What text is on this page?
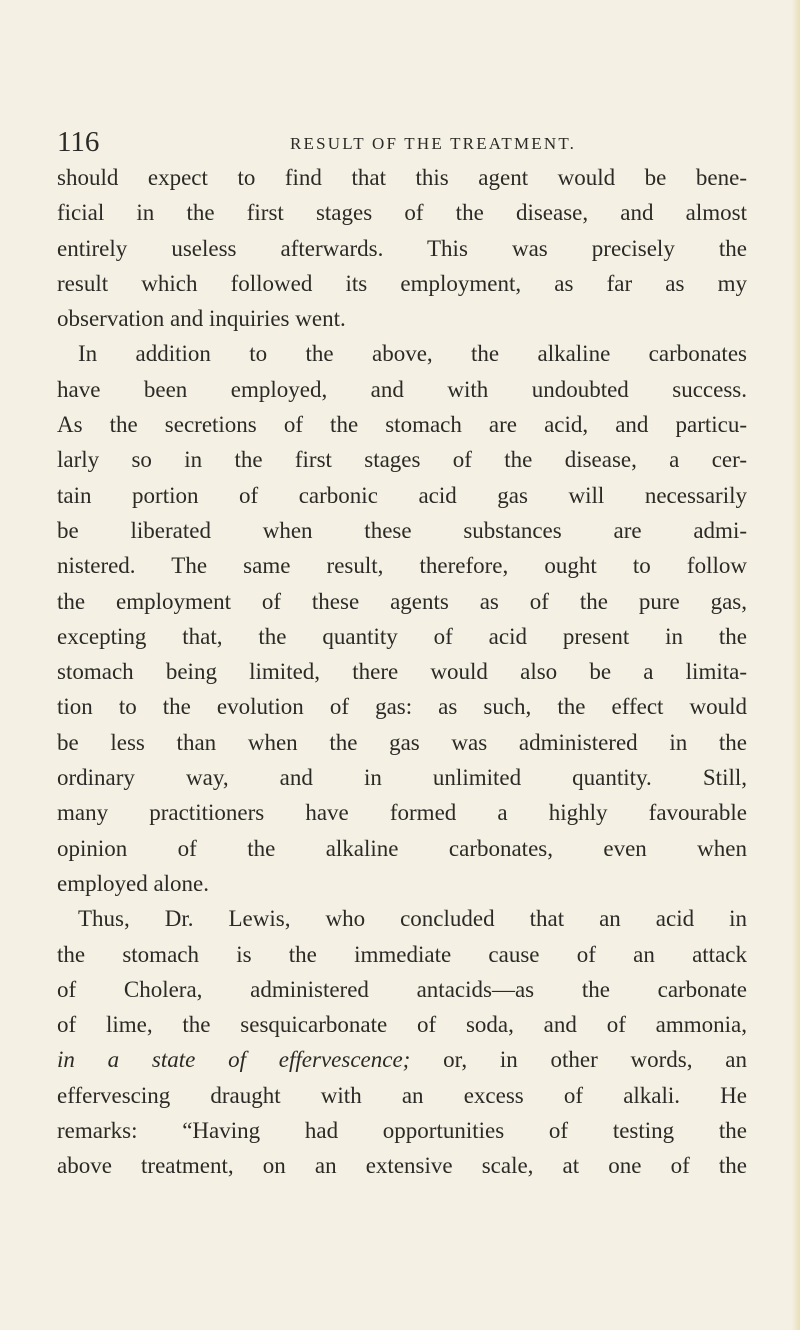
116	RESULT OF THE TREATMENT.
should expect to find that this agent would be bene-
ficial in the first stages of the disease, and almost
entirely useless afterwards. This was precisely the
result which followed its employment, as far as my
observation and inquiries went.
In addition to the above, the alkaline carbonates
have been employed, and with undoubted success.
As the secretions of the stomach are acid, and particu-
larly so in the first stages of the disease, a cer-
tain portion of carbonic acid gas will necessarily
be liberated when these substances are admi-
nistered. The same result, therefore, ought to follow
the employment of these agents as of the pure gas,
excepting that, the quantity of acid present in the
stomach being limited, there would also be a limita-
tion to the evolution of gas: as such, the effect would
be less than when the gas was administered in the
ordinary way, and in unlimited quantity. Still,
many practitioners have formed a highly favourable
opinion of the alkaline carbonates, even when
employed alone.
Thus, Dr. Lewis, who concluded that an acid in
the stomach is the immediate cause of an attack
of Cholera, administered antacids—as the carbonate
of lime, the sesquicarbonate of soda, and of ammonia,
in a state of effervescence; or, in other words, an
effervescing draught with an excess of alkali. He
remarks: “Having had opportunities of testing the
above treatment, on an extensive scale, at one of the
